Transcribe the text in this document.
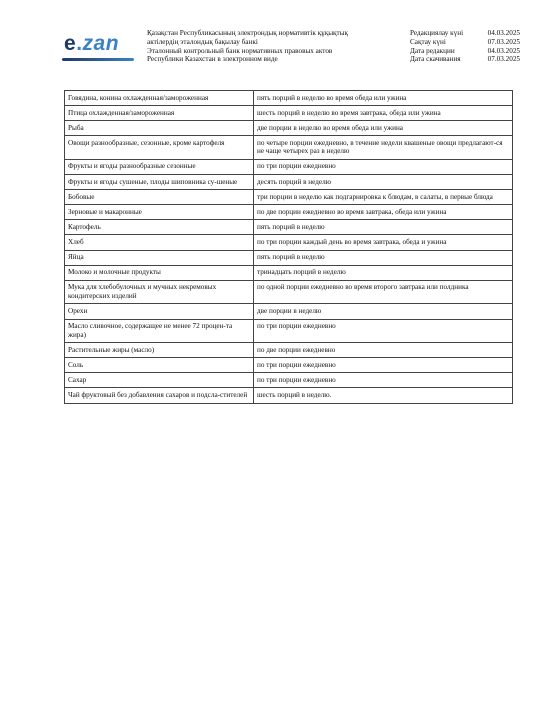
e.zan	Қазақстан Республикасының электрондық нормативтік құқықтық
актілердің эталондық бақылау банкі
Эталонный контрольный банк нормативных правовых актов
Республики Казахстан в электронном виде
Редакциялау күні	04.03.2025
Сақтау күні	07.03.2025
Дата редакции	04.03.2025
Дата скачивания	07.03.2025
Говядина, конина охлажденная/замороженная	пять порций в неделю во время обеда или ужина
Птица охлажденная/замороженная	шесть порций в неделю во время завтрака, обеда или ужина
Рыба	две порции в неделю во время обеда или ужина
Овощи разнообразные, сезонные, кроме картофеля	по четыре порции ежедневно, в течение недели квашеные овощи предлагают-ся не чаще четырех раз в неделю
Фрукты и ягоды разнообразные сезонные	по три порции ежедневно
Фрукты и ягоды сушеные, плоды шиповника су-шеные	десять порций в неделю
Бобовые	три порции в неделю как подгарнировка к блюдам, в салаты, в первые блюда
Зерновые и макаронные	по две порции ежедневно во время завтрака, обеда или ужина
Картофель	пять порций в неделю
Хлеб	по три порции каждый день во время завтрака, обеда и ужина
Яйца	пять порций в неделю
Молоко и молочные продукты	тринадцать порций в неделю
Мука для хлебобулочных и мучных некремовых кондитерских изделий	по одной порции ежедневно во время второго завтрака или полдника
Орехи	две порции в неделю
Масло сливочное, содержащее не менее 72 процен-та жира)	по три порции ежедневно
Растительные жиры (масло)	по две порции ежедневно
Соль	по три порции ежедневно
Сахар	по три порции ежедневно
Чай фруктовый без добавления сахаров и подсла-стителей	шесть порций в неделю.
